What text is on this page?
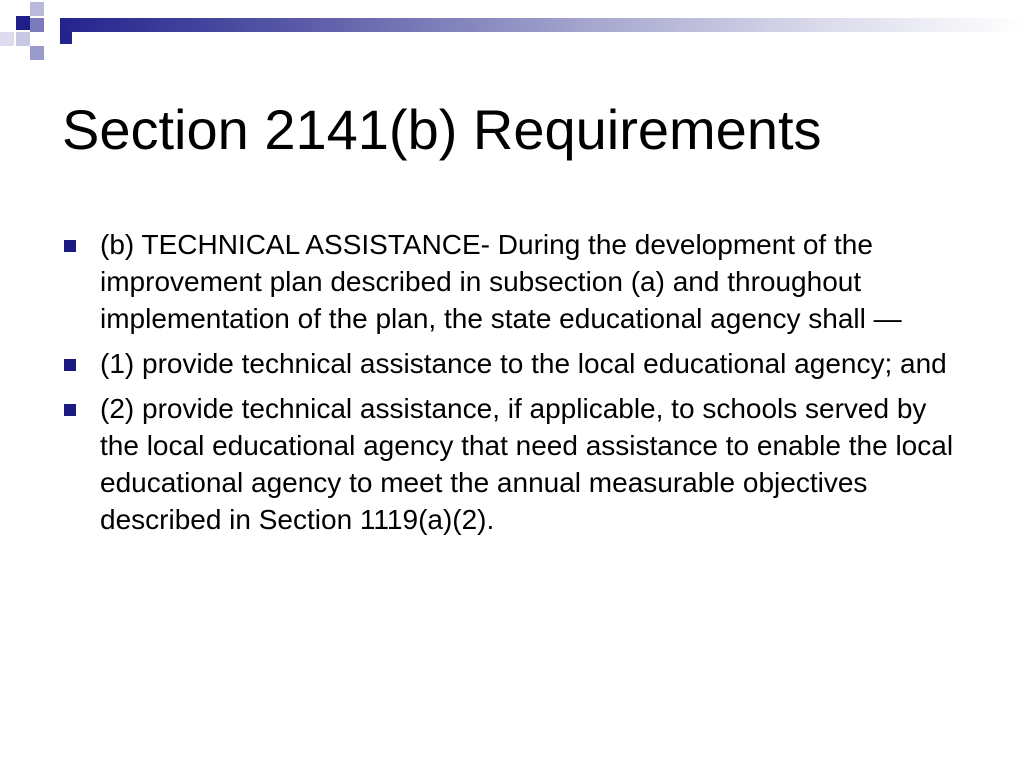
Section 2141(b) Requirements
(b) TECHNICAL ASSISTANCE- During the development of the improvement plan described in subsection (a) and throughout implementation of the plan, the state educational agency shall —
(1) provide technical assistance to the local educational agency; and
(2) provide technical assistance, if applicable, to schools served by the local educational agency that need assistance to enable the local educational agency to meet the annual measurable objectives described in Section 1119(a)(2).
